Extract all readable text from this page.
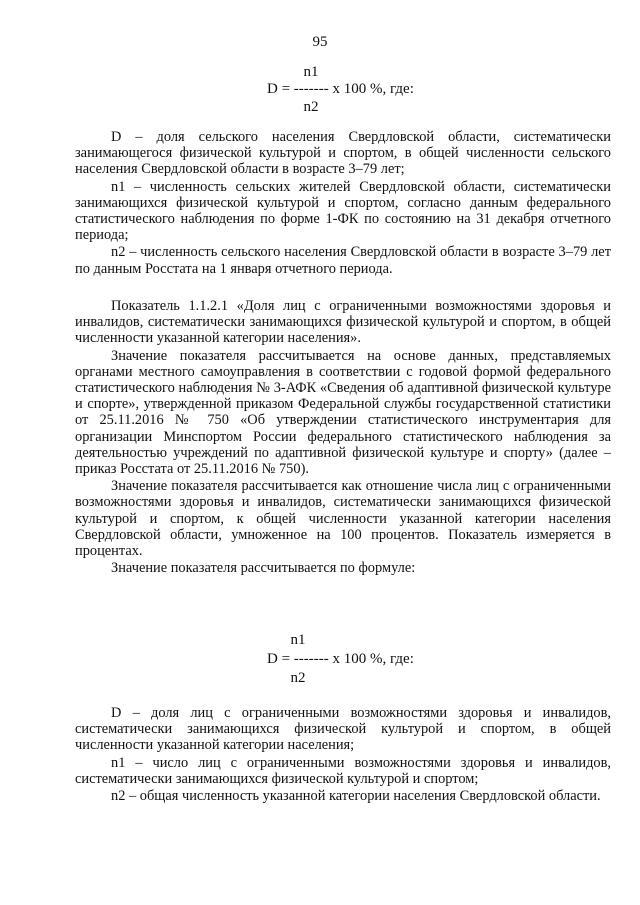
95
n1
D = ------- x 100 %, где:
n2

D – доля сельского населения Свердловской области, систематически занимающегося физической культурой и спортом, в общей численности сельского населения Свердловской области в возрасте 3–79 лет;

n1 – численность сельских жителей Свердловской области, систематически занимающихся физической культурой и спортом, согласно данным федерального статистического наблюдения по форме 1-ФК по состоянию на 31 декабря отчетного периода;

n2 – численность сельского населения Свердловской области в возрасте 3–79 лет по данным Росстата на 1 января отчетного периода.

Показатель 1.1.2.1 «Доля лиц с ограниченными возможностями здоровья и инвалидов, систематически занимающихся физической культурой и спортом, в общей численности указанной категории населения».

Значение показателя рассчитывается на основе данных, представляемых органами местного самоуправления в соответствии с годовой формой федерального статистического наблюдения № 3-АФК «Сведения об адаптивной физической культуре и спорте», утвержденной приказом Федеральной службы государственной статистики от 25.11.2016 № 750 «Об утверждении статистического инструментария для организации Минспортом России федерального статистического наблюдения за деятельностью учреждений по адаптивной физической культуре и спорту» (далее – приказ Росстата от 25.11.2016 № 750).

Значение показателя рассчитывается как отношение числа лиц с ограниченными возможностями здоровья и инвалидов, систематически занимающихся физической культурой и спортом, к общей численности указанной категории населения Свердловской области, умноженное на 100 процентов. Показатель измеряется в процентах.

Значение показателя рассчитывается по формуле:

n1
D = ------- x 100 %, где:
n2

D – доля лиц с ограниченными возможностями здоровья и инвалидов, систематически занимающихся физической культурой и спортом, в общей численности указанной категории населения;

n1 – число лиц с ограниченными возможностями здоровья и инвалидов, систематически занимающихся физической культурой и спортом;

n2 – общая численность указанной категории населения Свердловской области.
